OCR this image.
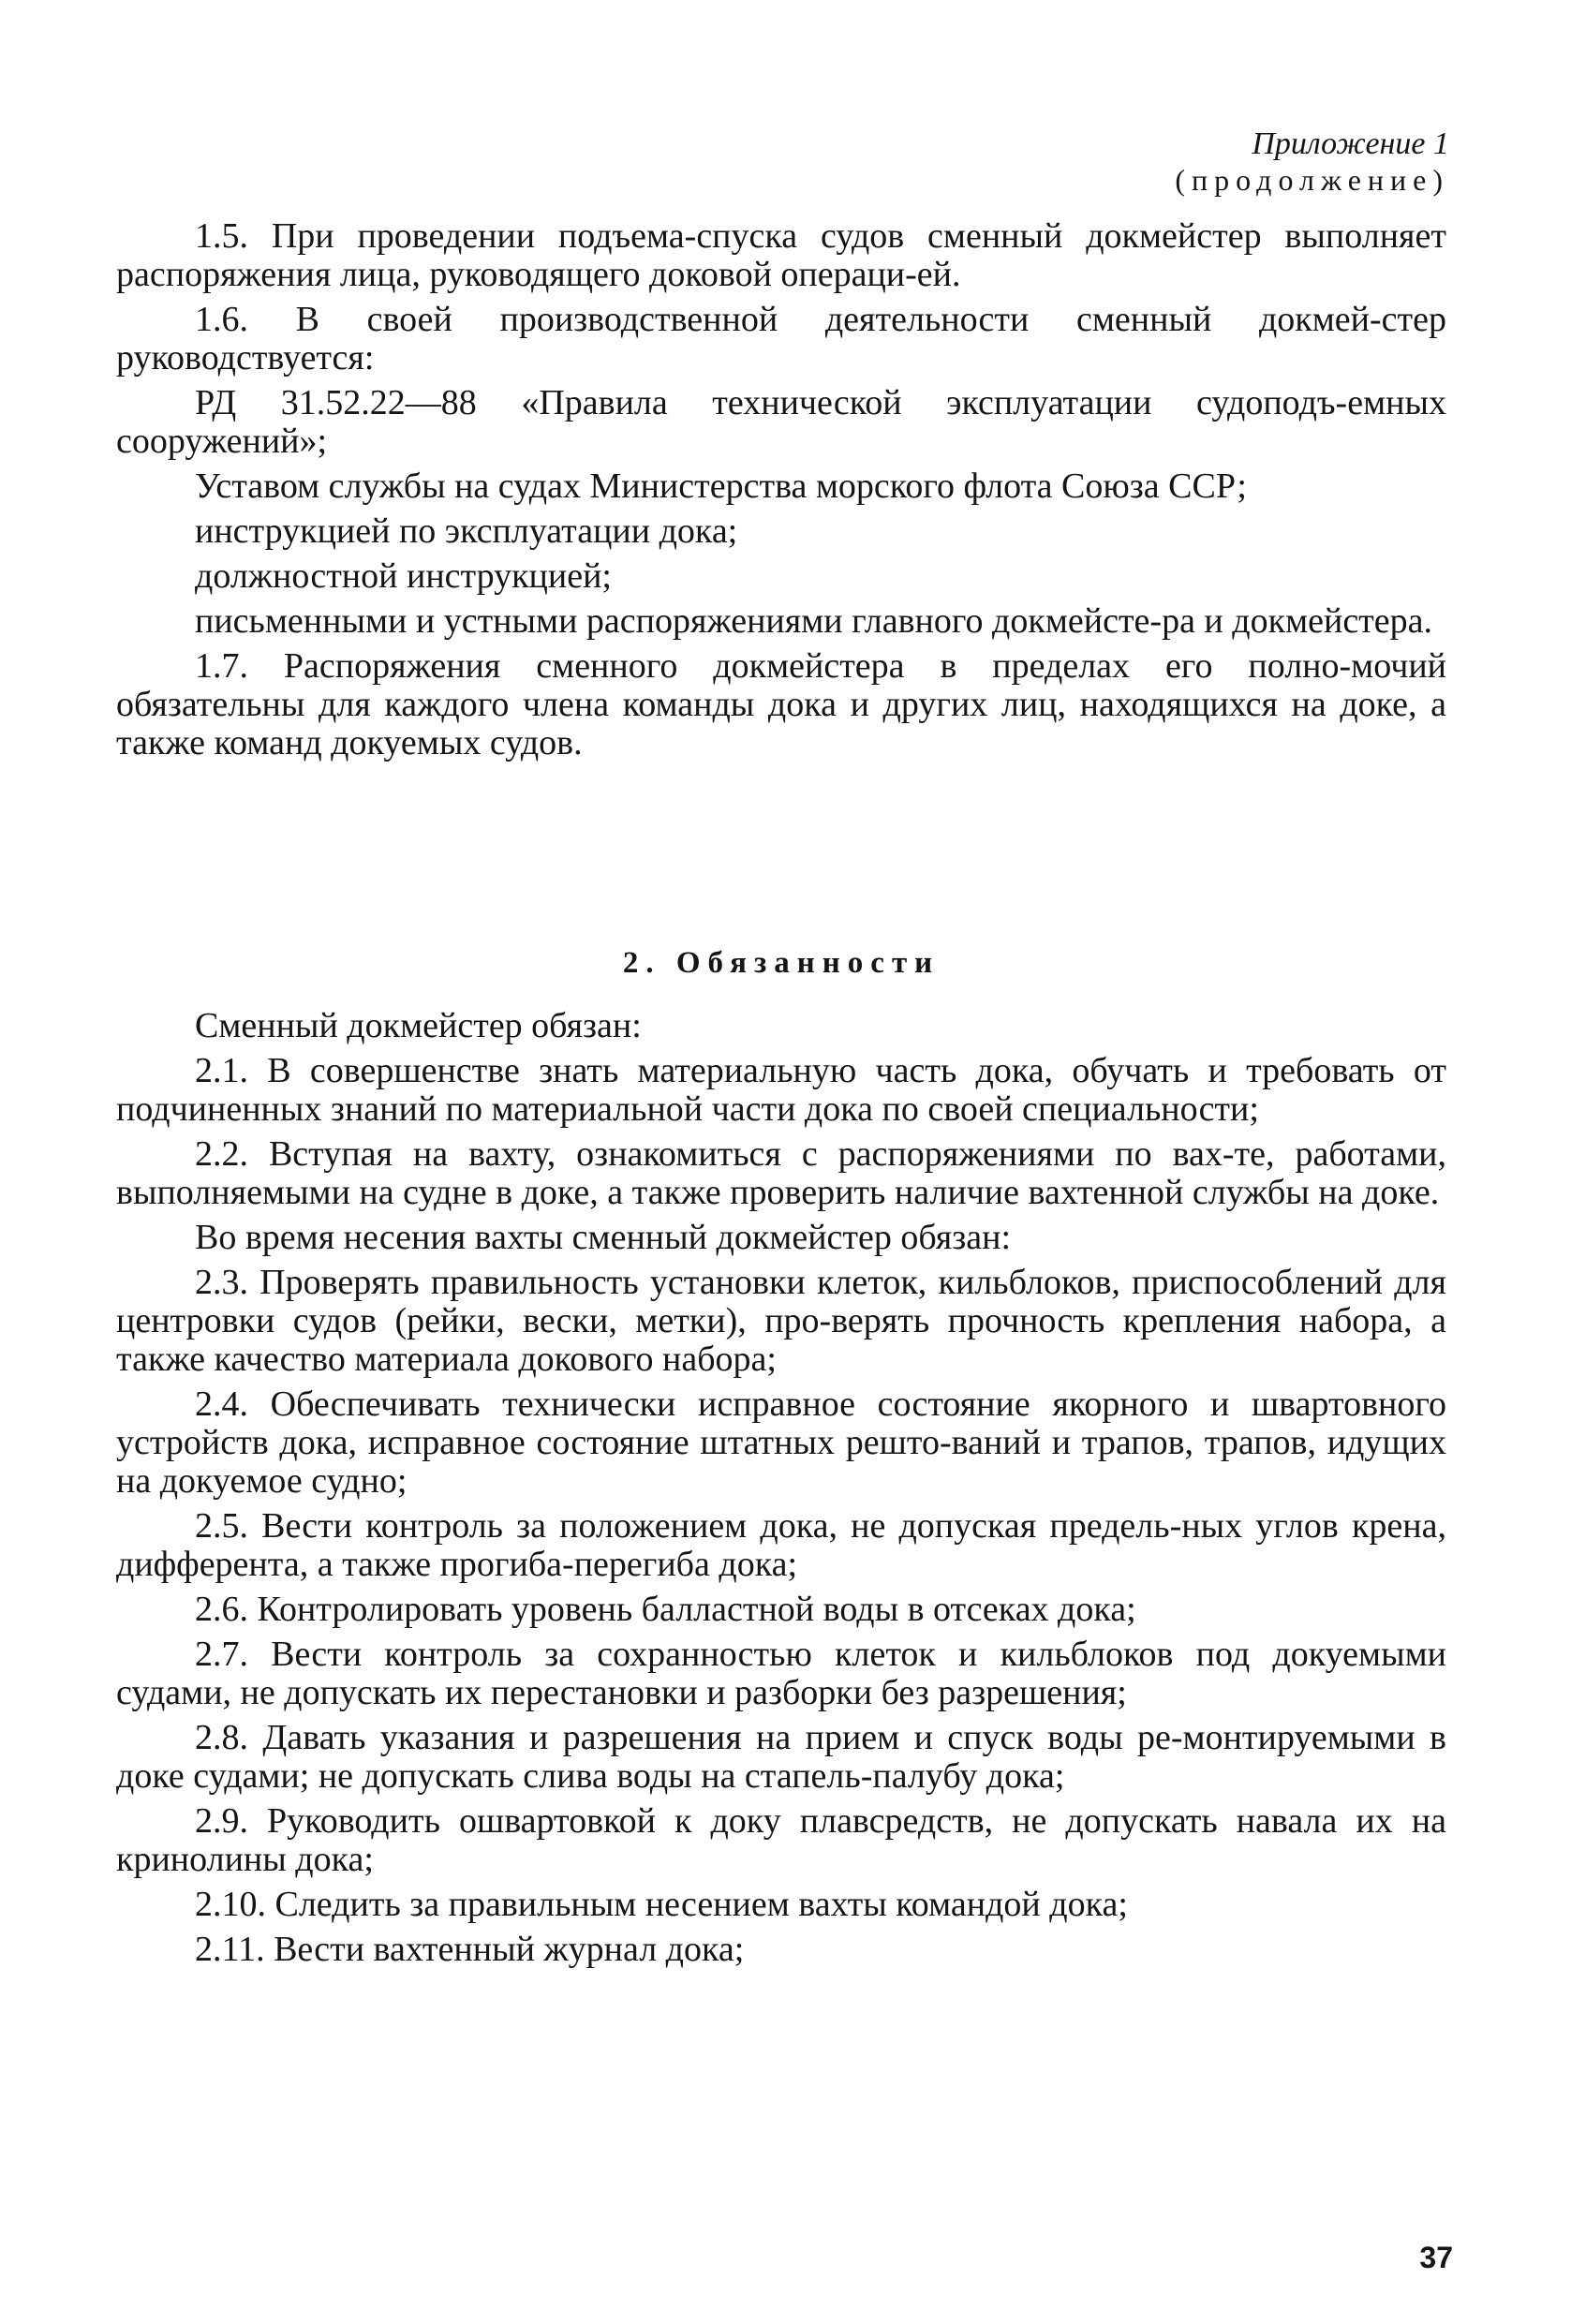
Приложение 1
(продолжение)

1.5. При проведении подъема-спуска судов сменный докмейстер выполняет распоряжения лица, руководящего доковой операци-ей.

1.6. В своей производственной деятельности сменный докмей-стер руководствуется:

РД 31.52.22—88 «Правила технической эксплуатации судоподъ-емных сооружений»;

Уставом службы на судах Министерства морского флота Союза ССР;

инструкцией по эксплуатации дока;

должностной инструкцией;

письменными и устными распоряжениями главного докмейсте-ра и докмейстера.

1.7. Распоряжения сменного докмейстера в пределах его полно-мочий обязательны для каждого члена команды дока и других лиц, находящихся на доке, а также команд докуемых судов.

2. Обязанности

Сменный докмейстер обязан:

2.1. В совершенстве знать материальную часть дока, обучать и требовать от подчиненных знаний по материальной части дока по своей специальности;

2.2. Вступая на вахту, ознакомиться с распоряжениями по вах-те, работами, выполняемыми на судне в доке, а также проверить наличие вахтенной службы на доке.

Во время несения вахты сменный докмейстер обязан:

2.3. Проверять правильность установки клеток, кильблоков, приспособлений для центровки судов (рейки, вески, метки), про-верять прочность крепления набора, а также качество материала докового набора;

2.4. Обеспечивать технически исправное состояние якорного и швартовного устройств дока, исправное состояние штатных решто-ваний и трапов, трапов, идущих на докуемое судно;

2.5. Вести контроль за положением дока, не допуская предель-ных углов крена, дифферента, а также прогиба-перегиба дока;

2.6. Контролировать уровень балластной воды в отсеках дока;

2.7. Вести контроль за сохранностью клеток и кильблоков под докуемыми судами, не допускать их перестановки и разборки без разрешения;

2.8. Давать указания и разрешения на прием и спуск воды ре-монтируемыми в доке судами; не допускать слива воды на стапель-палубу дока;

2.9. Руководить ошвартовкой к доку плавсредств, не допускать навала их на кринолины дока;

2.10. Следить за правильным несением вахты командой дока;

2.11. Вести вахтенный журнал дока;

37
